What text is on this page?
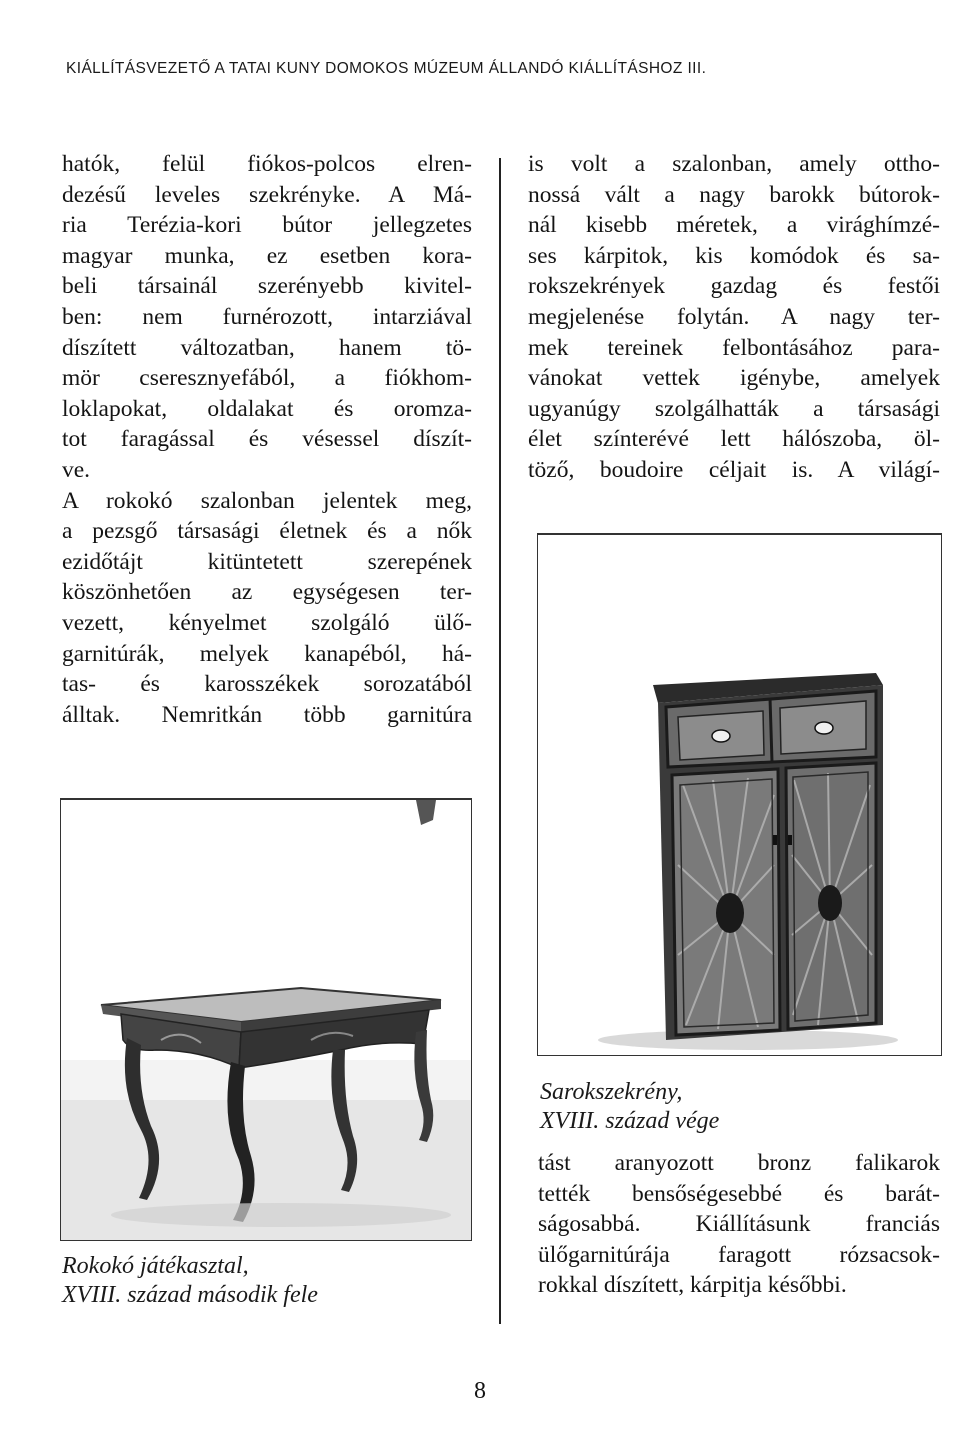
KIÁLLÍTÁSVEZETŐ A TATAI KUNY DOMOKOS MÚZEUM ÁLLANDÓ KIÁLLÍTÁSHOZ III.
hatók, felül fiókos-polcos elren-
dezésű leveles szekrényke. A Má-
ria Terézia-kori bútor jellegzetes
magyar munka, ez esetben kora-
beli társainál szerényebb kivitel-
ben: nem furnérozott, intarziával
díszített változatban, hanem tö-
mör cseresznyefából, a fiókhom-
loklapokat, oldalakat és oromza-
tot faragással és vésessel díszít-
ve.
A rokokó szalonban jelentek meg,
a pezsgő társasági életnek és a nők
ezidőtájt kitüntetett szerepének
köszönhetően az egységesen ter-
vezett, kényelmet szolgáló ülő-
garnitúrák, melyek kanapéból, há-
tas- és karosszékek sorozatából
álltak. Nemritkán több garnitúra
is volt a szalonban, amely ottho-
nossá vált a nagy barokk bútorok-
nál kisebb méretek, a virághímzé-
ses kárpitok, kis komódok és sa-
rokszekrények gazdag és festői
megjelenése folytán. A nagy ter-
mek tereinek felbontásához para-
vánokat vettek igénybe, amelyek
ugyanúgy szolgálhatták a társasági
élet színterévé lett hálószoba, öl-
töző, boudoire céljait is. A világí-
Sarokszekrény,
XVIII. század vége
tást aranyozott bronz falikarok
tették bensőségesebbé és barát-
ságosabbá. Kiállításunk franciás
ülőgarnitúrája faragott rózsacsok-
rokkal díszített, kárpitja későbbi.
Rokokó játékasztal,
XVIII. század második fele
8
